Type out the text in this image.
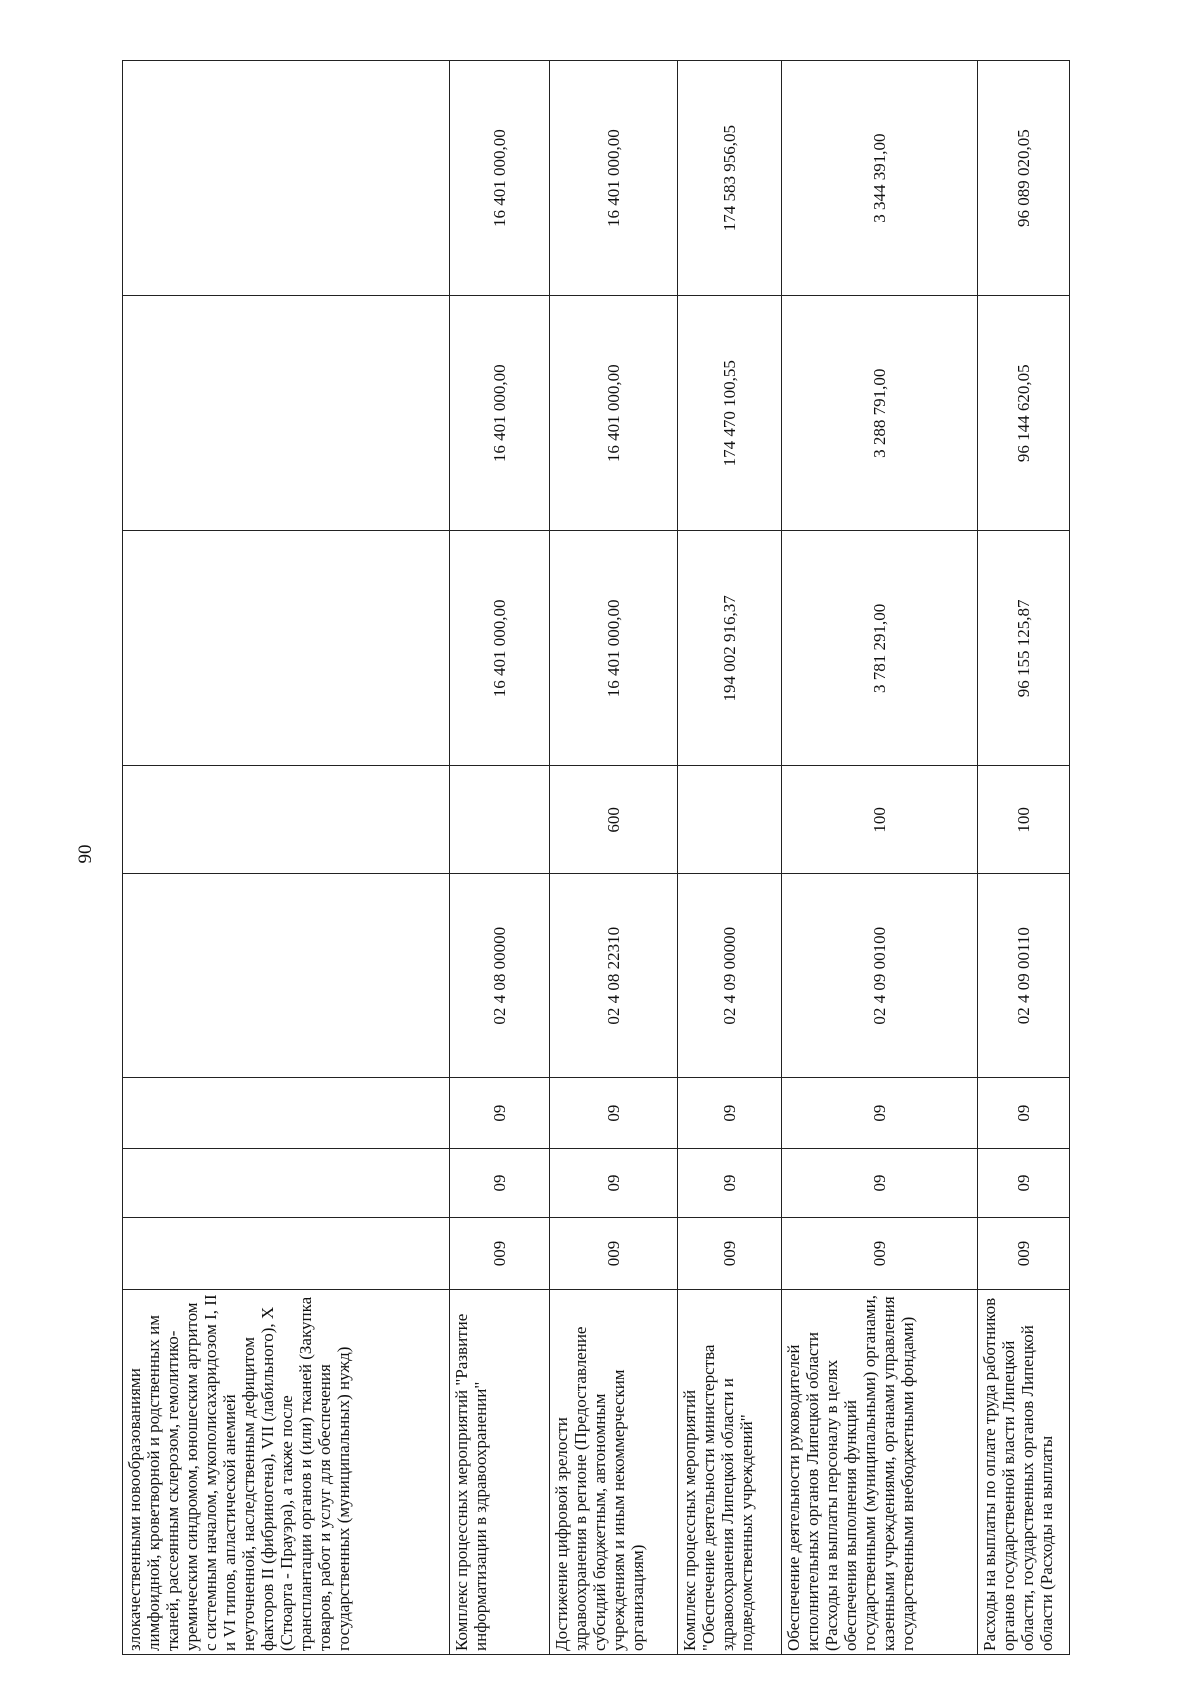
90
злокачественными новообразованиями лимфоидной, кроветворной и родственных им тканей, рассеянным склерозом, гемолитико-уремическим синдромом, юношеским артритом с системным началом, мукополисахаридозом I, II и VI типов, апластической анемией неуточненной, наследственным дефицитом факторов II (фибриногена), VII (лабильного), X (Стюарта - Прауэра), а также после трансплантации органов и (или) тканей (Закупка товаров, работ и услуг для обеспечения государственных (муниципальных) нужд)								
Комплекс процессных мероприятий "Развитие информатизации в здравоохранении"	009	09	09	02 4 08 00000		16 401 000,00	16 401 000,00	16 401 000,00
Достижение цифровой зрелости здравоохранения в регионе (Предоставление субсидий бюджетным, автономным учреждениям и иным некоммерческим организациям)	009	09	09	02 4 08 22310	600	16 401 000,00	16 401 000,00	16 401 000,00
Комплекс процессных мероприятий "Обеспечение деятельности министерства здравоохранения Липецкой области и подведомственных учреждений"	009	09	09	02 4 09 00000		194 002 916,37	174 470 100,55	174 583 956,05
Обеспечение деятельности руководителей исполнительных органов Липецкой области (Расходы на выплаты персоналу в целях обеспечения выполнения функций государственными (муниципальными) органами, казенными учреждениями, органами управления государственными внебюджетными фондами)	009	09	09	02 4 09 00100	100	3 781 291,00	3 288 791,00	3 344 391,00
Расходы на выплаты по оплате труда работников органов государственной власти Липецкой области, государственных органов Липецкой области (Расходы на выплаты	009	09	09	02 4 09 00110	100	96 155 125,87	96 144 620,05	96 089 020,05
